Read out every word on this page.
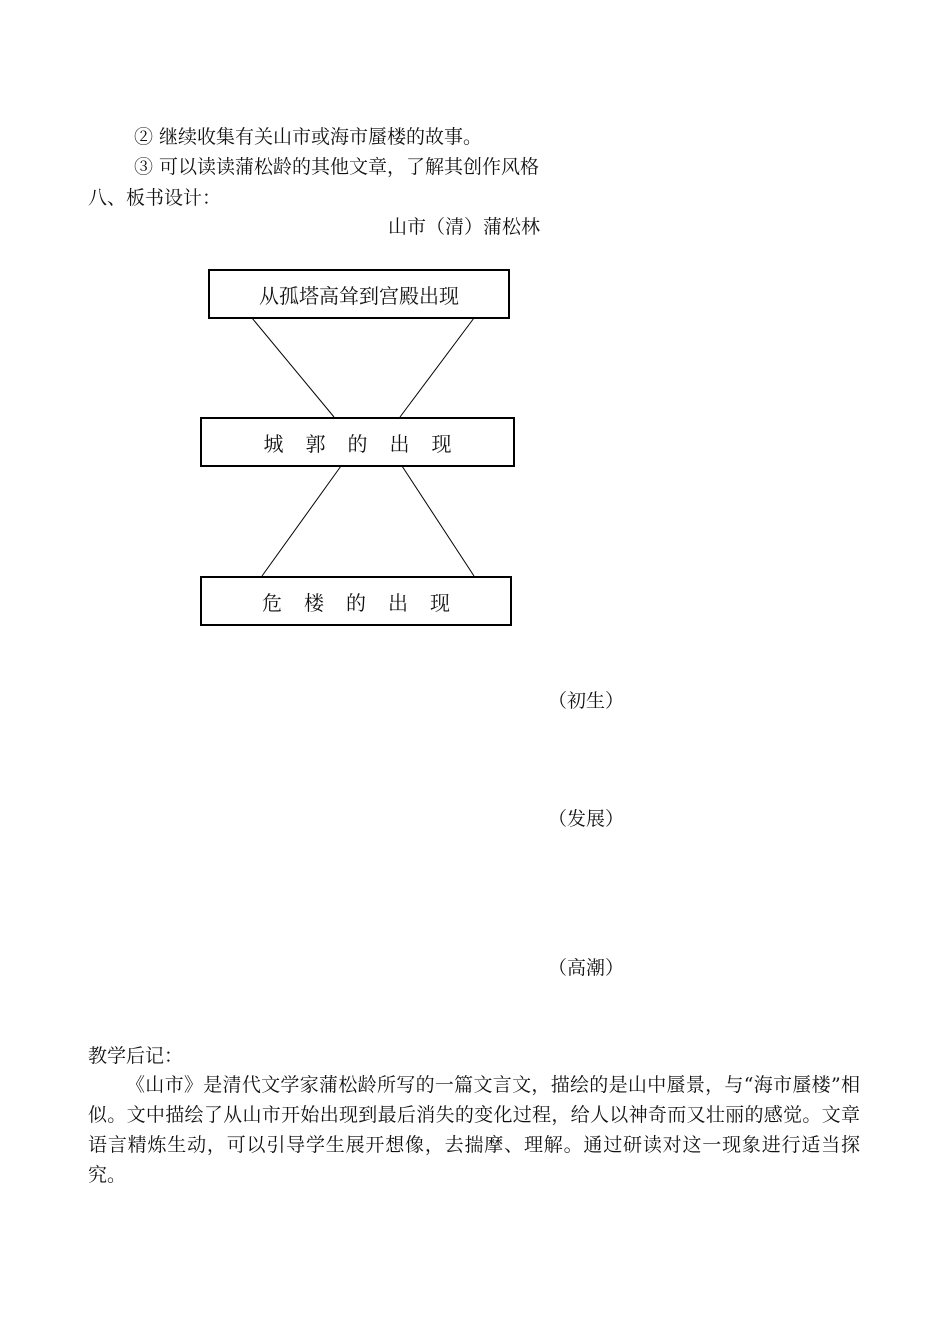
② 继续收集有关山市或海市蜃楼的故事。
③ 可以读读蒲松龄的其他文章，了解其创作风格
八、板书设计：
山市（清）蒲松林
从孤塔高耸到宫殿出现
城郭的出现
危楼的出现
（初生）
（发展）
（高潮）
教学后记：
《山市》是清代文学家蒲松龄所写的一篇文言文，描绘的是山中蜃景，与“海市蜃楼”相似。文中描绘了从山市开始出现到最后消失的变化过程，给人以神奇而又壮丽的感觉。文章语言精炼生动，可以引导学生展开想像，去揣摩、理解。通过研读对这一现象进行适当探究。
